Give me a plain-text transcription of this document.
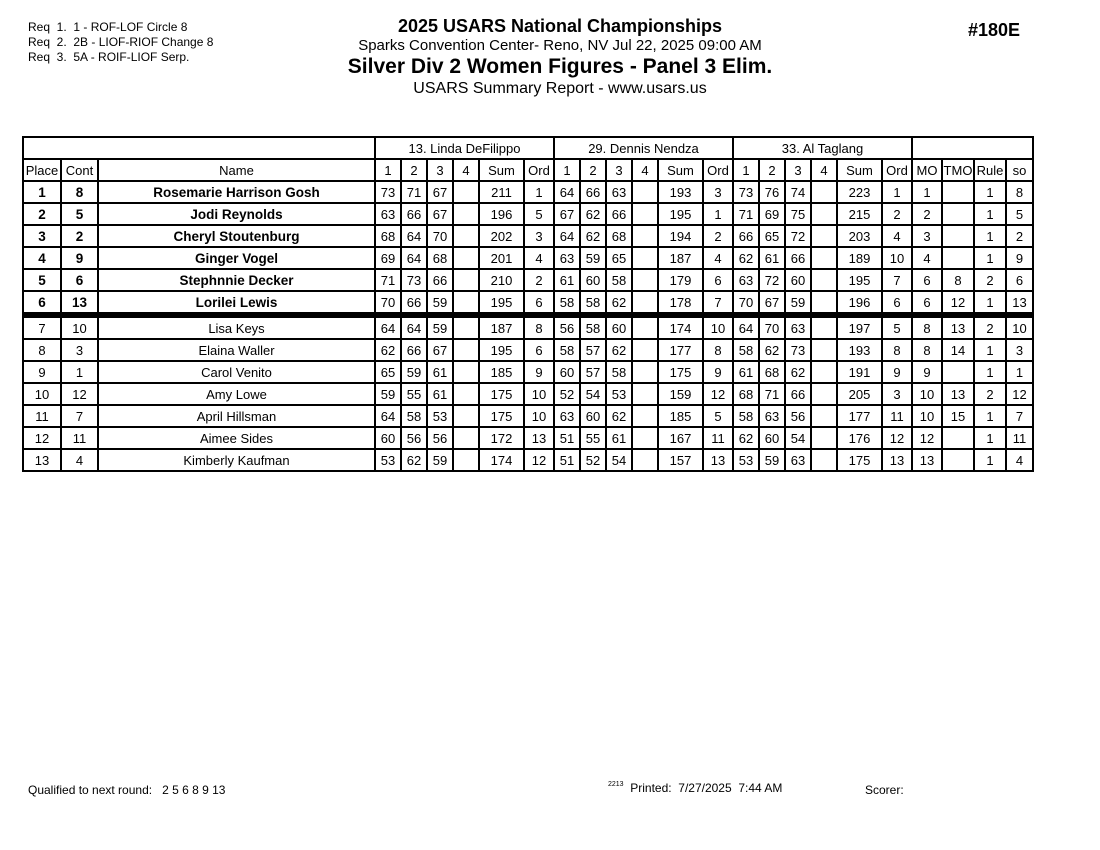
Req  1.  1 - ROF-LOF Circle 8
Req  2.  2B - LIOF-RIOF Change 8
Req  3.  5A - ROIF-LIOF Serp.
2025 USARS National Championships
Sparks Convention Center- Reno, NV Jul 22, 2025 09:00 AM
Silver Div 2 Women Figures - Panel 3 Elim.
USARS Summary Report - www.usars.us
#180E
			13. Linda DeFilippo						29. Dennis Nendza						33. Al Taglang									
Place	Cont	Name	1	2	3	4	Sum	Ord	1	2	3	4	Sum	Ord	1	2	3	4	Sum	Ord	MO	TMO	Rule	so
1	8	Rosemarie Harrison Gosh	73	71	67		211	1	64	66	63		193	3	73	76	74		223	1	1		1	8
2	5	Jodi Reynolds	63	66	67		196	5	67	62	66		195	1	71	69	75		215	2	2		1	5
3	2	Cheryl Stoutenburg	68	64	70		202	3	64	62	68		194	2	66	65	72		203	4	3		1	2
4	9	Ginger Vogel	69	64	68		201	4	63	59	65		187	4	62	61	66		189	10	4		1	9
5	6	Stephnnie Decker	71	73	66		210	2	61	60	58		179	6	63	72	60		195	7	6	8	2	6
6	13	Lorilei Lewis	70	66	59		195	6	58	58	62		178	7	70	67	59		196	6	6	12	1	13
7	10	Lisa Keys	64	64	59		187	8	56	58	60		174	10	64	70	63		197	5	8	13	2	10
8	3	Elaina Waller	62	66	67		195	6	58	57	62		177	8	58	62	73		193	8	8	14	1	3
9	1	Carol Venito	65	59	61		185	9	60	57	58		175	9	61	68	62		191	9	9		1	1
10	12	Amy Lowe	59	55	61		175	10	52	54	53		159	12	68	71	66		205	3	10	13	2	12
11	7	April Hillsman	64	58	53		175	10	63	60	62		185	5	58	63	56		177	11	10	15	1	7
12	11	Aimee Sides	60	56	56		172	13	51	55	61		167	11	62	60	54		176	12	12		1	11
13	4	Kimberly Kaufman	53	62	59		174	12	51	52	54		157	13	53	59	63		175	13	13		1	4
Qualified to next round: 2 5 6 8 9 13	$^{2213}$ Printed:  7/27/2025  7:44 AM	Scorer:
